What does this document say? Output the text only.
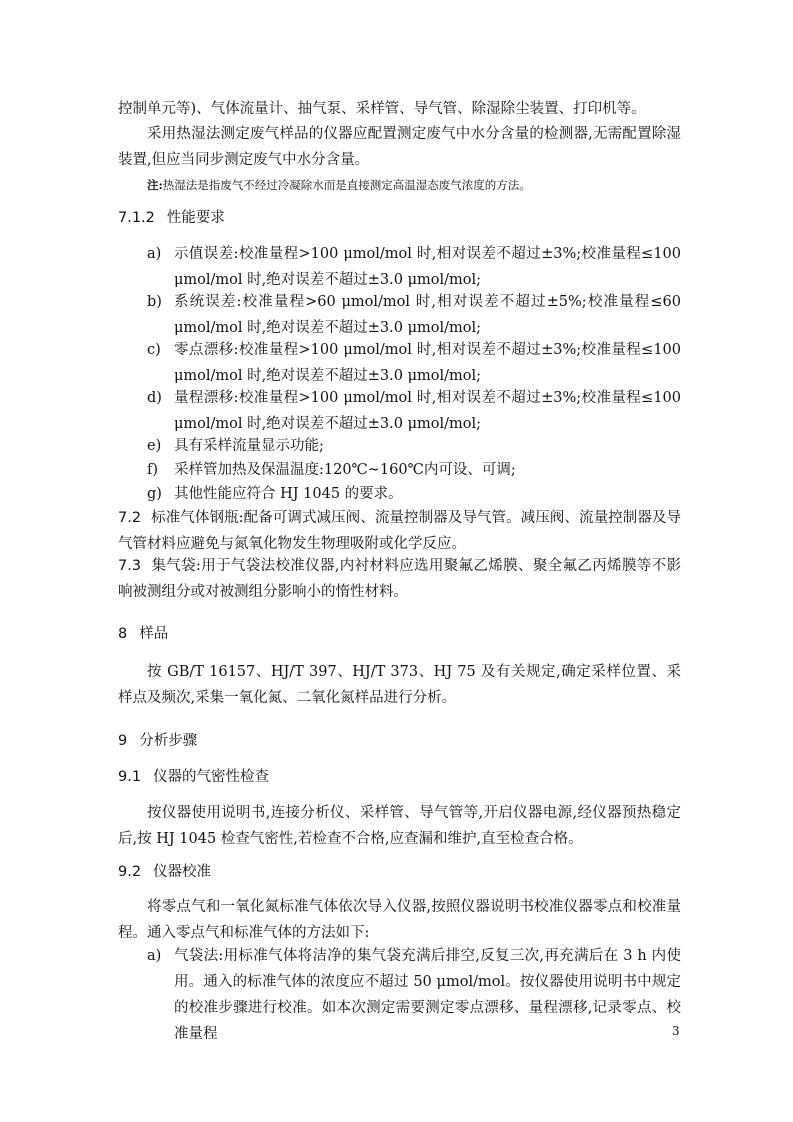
控制单元等)、气体流量计、抽气泵、采样管、导气管、除湿除尘装置、打印机等。
采用热湿法测定废气样品的仪器应配置测定废气中水分含量的检测器,无需配置除湿装置,但应当同步测定废气中水分含量。
注:热湿法是指废气不经过冷凝除水而是直接测定高温湿态废气浓度的方法。
7.1.2 性能要求
a) 示值误差:校准量程>100 μmol/mol 时,相对误差不超过±3%;校准量程≤100 μmol/mol 时,绝对误差不超过±3.0 μmol/mol;
b) 系统误差:校准量程>60 μmol/mol 时,相对误差不超过±5%;校准量程≤60 μmol/mol 时,绝对误差不超过±3.0 μmol/mol;
c) 零点漂移:校准量程>100 μmol/mol 时,相对误差不超过±3%;校准量程≤100 μmol/mol 时,绝对误差不超过±3.0 μmol/mol;
d) 量程漂移:校准量程>100 μmol/mol 时,相对误差不超过±3%;校准量程≤100 μmol/mol 时,绝对误差不超过±3.0 μmol/mol;
e) 具有采样流量显示功能;
f) 采样管加热及保温温度:120℃~160℃内可设、可调;
g) 其他性能应符合 HJ 1045 的要求。
7.2 标准气体钢瓶:配备可调式减压阀、流量控制器及导气管。减压阀、流量控制器及导气管材料应避免与氮氧化物发生物理吸附或化学反应。
7.3 集气袋:用于气袋法校准仪器,内衬材料应选用聚氟乙烯膜、聚全氟乙丙烯膜等不影响被测组分或对被测组分影响小的惰性材料。
8 样品
按 GB/T 16157、HJ/T 397、HJ/T 373、HJ 75 及有关规定,确定采样位置、采样点及频次,采集一氧化氮、二氧化氮样品进行分析。
9 分析步骤
9.1 仪器的气密性检查
按仪器使用说明书,连接分析仪、采样管、导气管等,开启仪器电源,经仪器预热稳定后,按 HJ 1045 检查气密性,若检查不合格,应查漏和维护,直至检查合格。
9.2 仪器校准
将零点气和一氧化氮标准气体依次导入仪器,按照仪器说明书校准仪器零点和校准量程。通入零点气和标准气体的方法如下:
a) 气袋法:用标准气体将洁净的集气袋充满后排空,反复三次,再充满后在 3 h 内使用。通入的标准气体的浓度应不超过 50 μmol/mol。按仪器使用说明书中规定的校准步骤进行校准。如本次测定需要测定零点漂移、量程漂移,记录零点、校准量程	3
